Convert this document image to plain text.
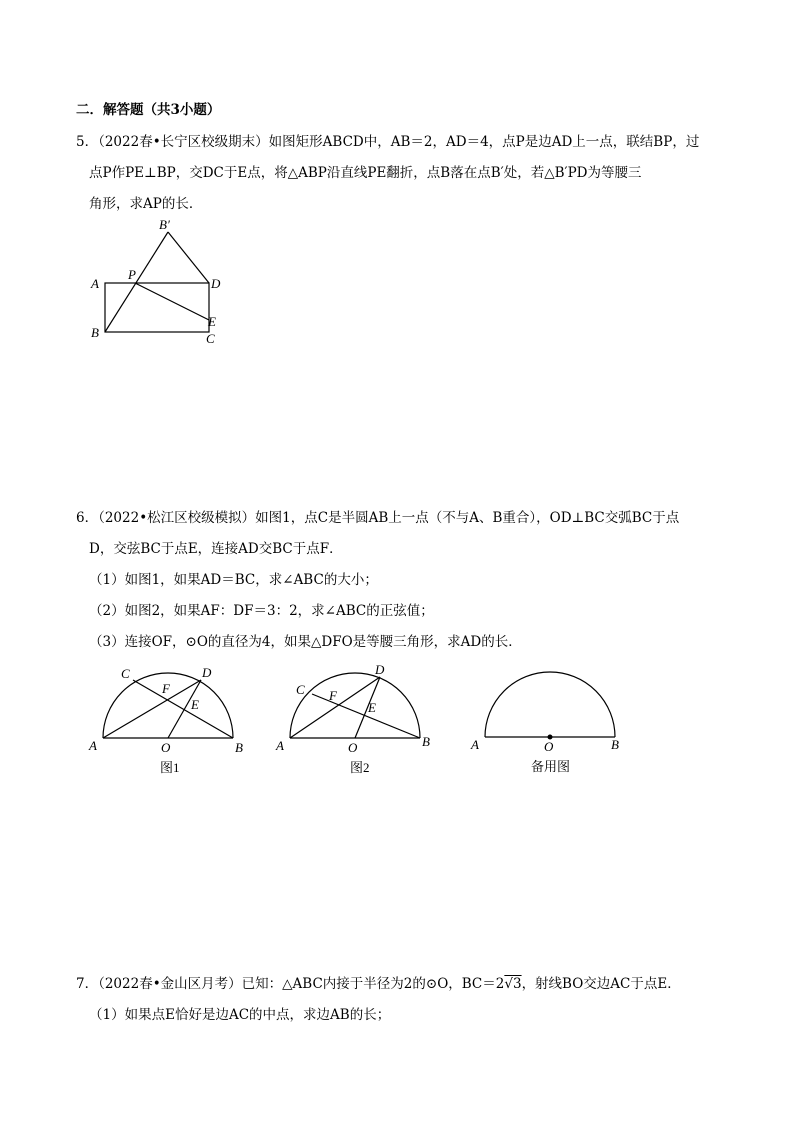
二．解答题（共3小题）
5．（2022春•长宁区校级期末）如图矩形ABCD中，AB＝2，AD＝4，点P是边AD上一点，联结BP，过
点P作PE⊥BP，交DC于E点，将△ABP沿直线PE翻折，点B落在点B′处，若△B′PD为等腰三
角形，求AP的长．
A
B	C
D
E
P
B′
6．（2022•松江区校级模拟）如图1，点C是半圆AB上一点（不与A、B重合），OD⊥BC交弧BC于点
D，交弦BC于点E，连接AD交BC于点F．
（1）如图1，如果AD＝BC，求∠ABC的大小；
（2）如图2，如果AF：DF＝3：2，求∠ABC的正弦值；
（3）连接OF，⊙O的直径为4，如果△DFO是等腰三角形，求AD的长．
A	B
C	D
E
F
O
图1
A	B
C
D
E
F
O
图2
A	B
O
备用图
7．（2022春•金山区月考）已知：△ABC内接于半径为2的⊙O，BC＝2√3，射线BO交边AC于点E．
（1）如果点E恰好是边AC的中点，求边AB的长；
